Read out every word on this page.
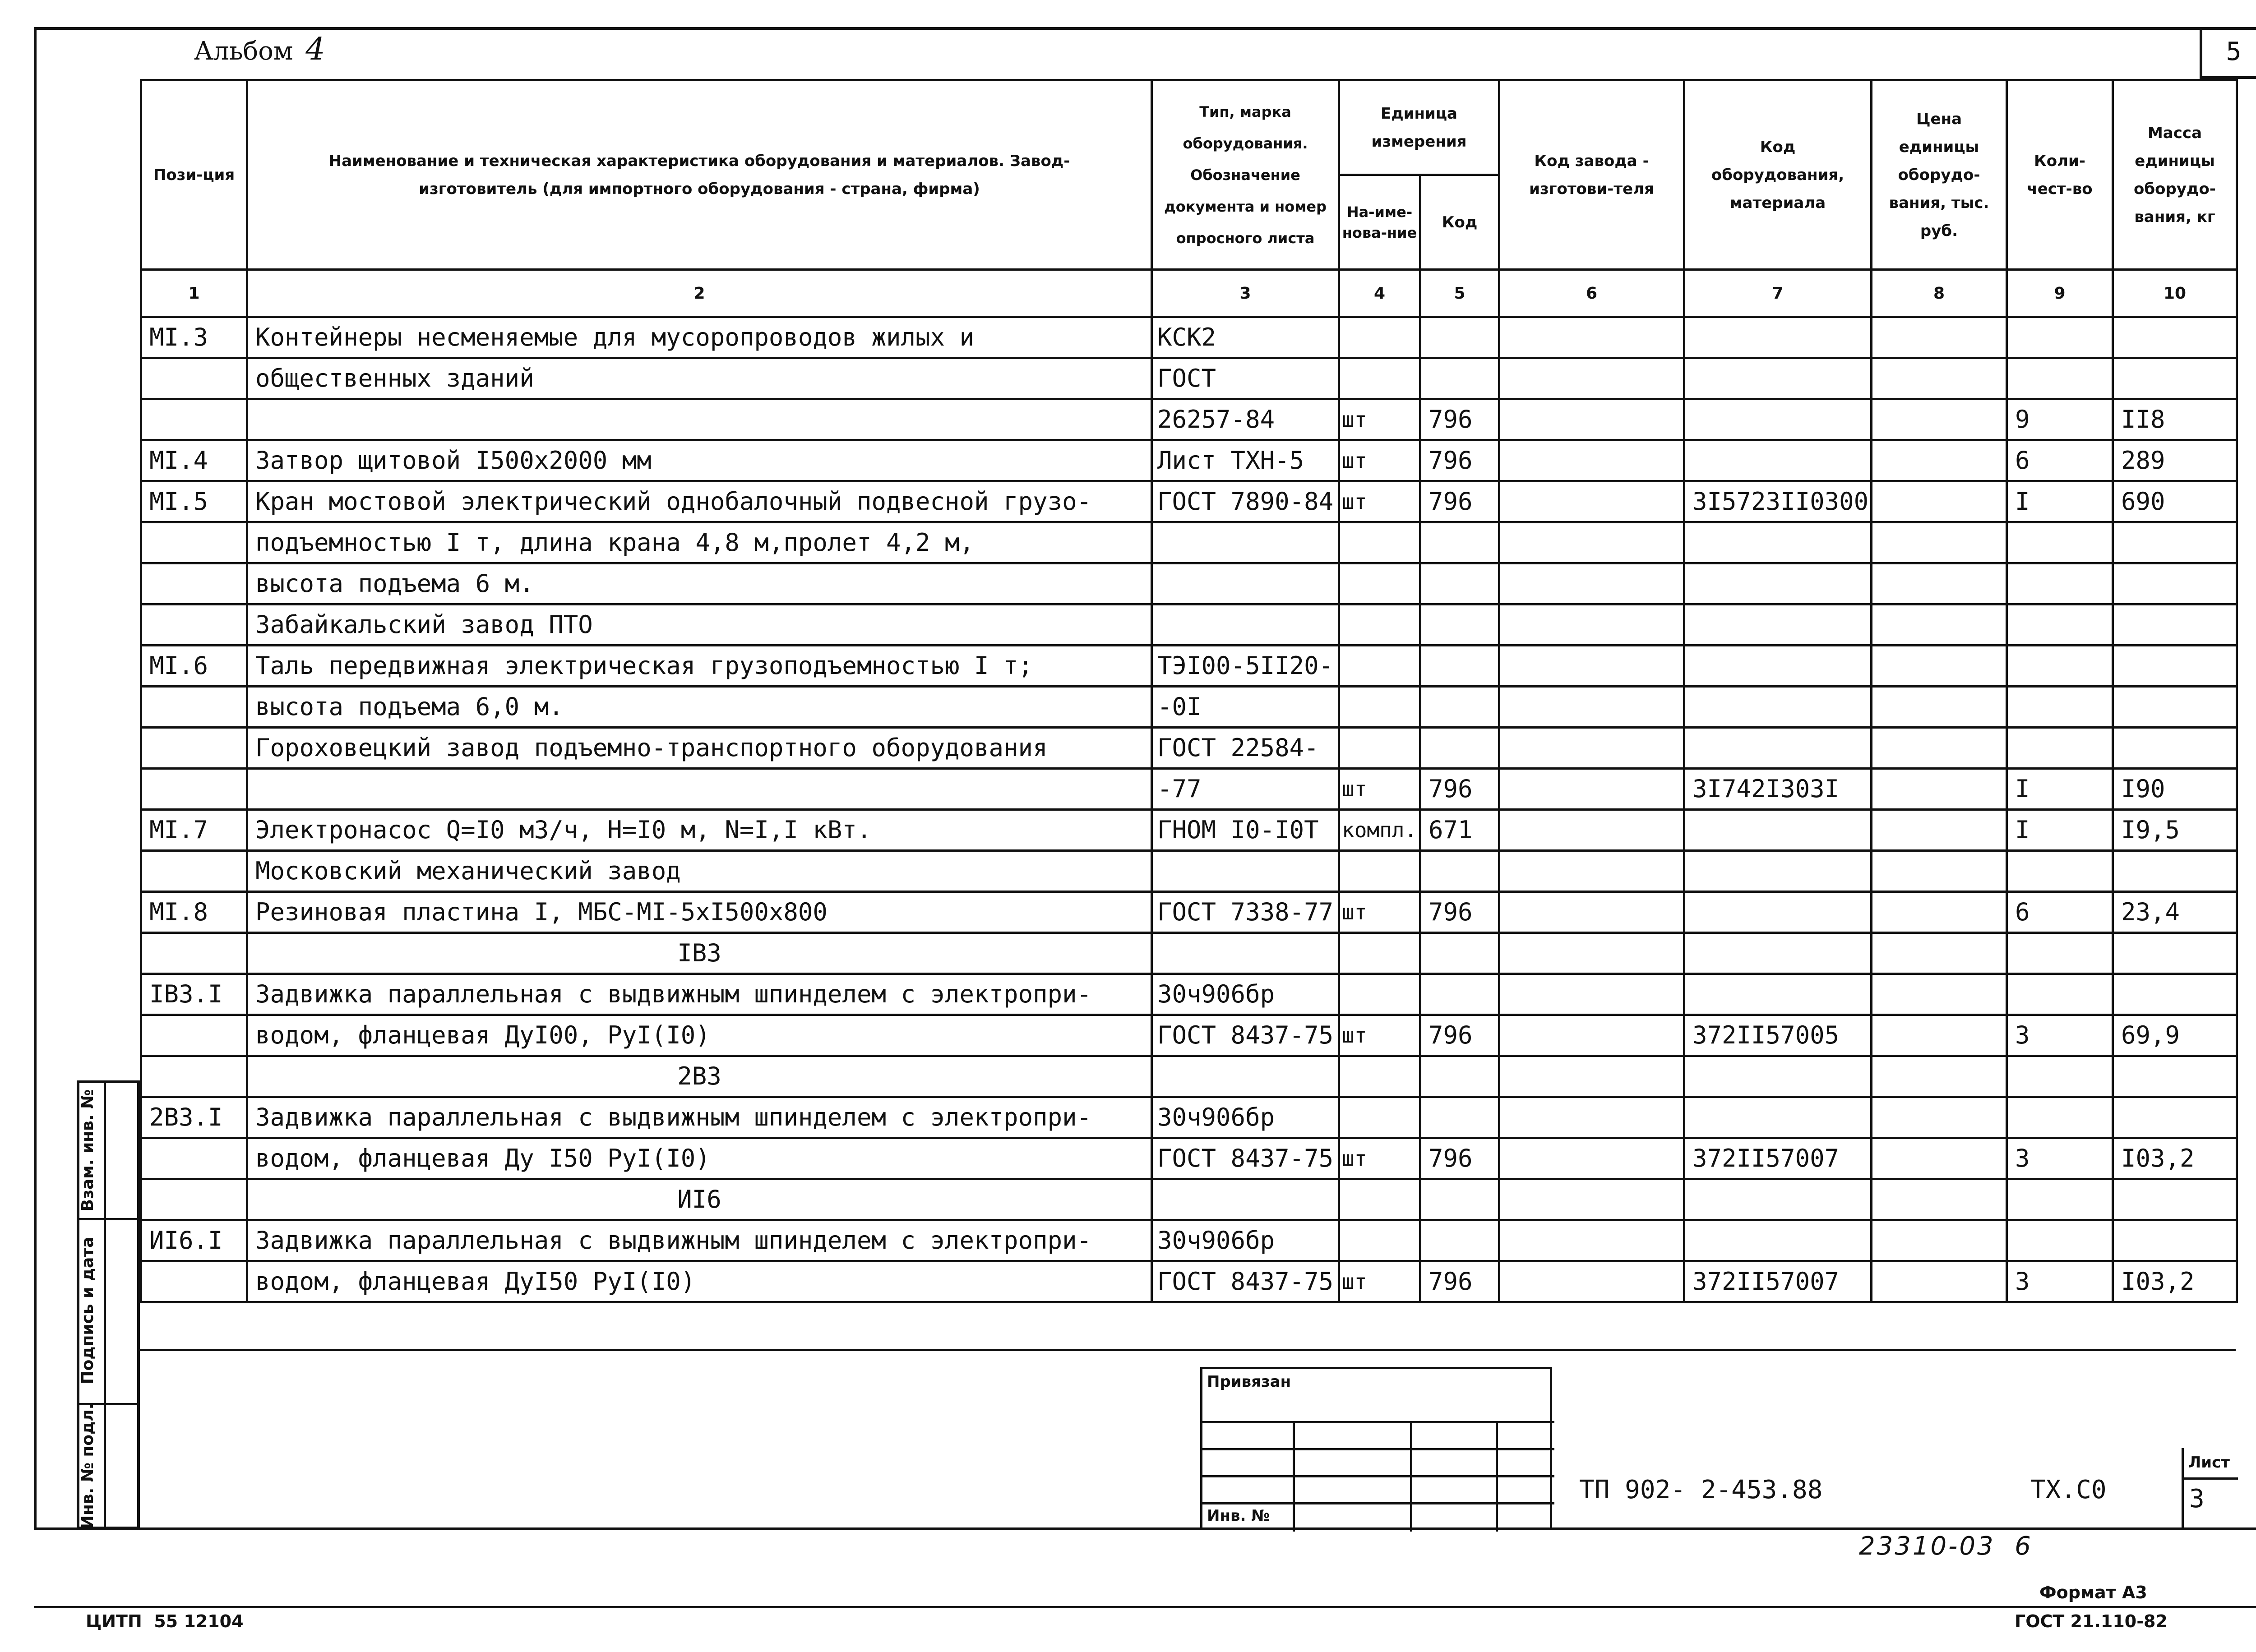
Альбом 4	5
Пози-ция	Наименование и техническая характеристика оборудования и материалов. Завод-изготовитель (для импортного оборудования - страна, фирма)	Тип, марка оборудования. Обозначение документа и номер опросного листа	Единица измерения		Код завода - изготови-теля	Код оборудования, материала	Цена единицы оборудо-вания, тыс. руб.	Коли-чест-во	Масса единицы оборудо-вания, кг
			На-име-нова-ние	Код					
1	2	3	4	5	6	7	8	9	10
MI.3	Контейнеры несменяемые для мусоропроводов жилых и	КСК2							
	общественных зданий	ГОСТ							
		26257-84	шт	796				9	II8
MI.4	Затвор щитовой I500x2000 мм	Лист ТХН-5	шт	796				6	289
MI.5	Кран мостовой электрический однобалочный подвесной грузо-	ГОСТ 7890-84	шт	796		3I5723II0300		I	690
	подъемностью I т, длина крана 4,8 м,пролет 4,2 м,								
	высота подъема 6 м.								
	Забайкальский завод ПТО								
MI.6	Таль передвижная электрическая грузоподъемностью I т;	ТЭI00-5II20-							
	высота подъема 6,0 м.	-0I							
	Гороховецкий завод подъемно-транспортного оборудования	ГОСТ 22584-							
		-77	шт	796		3I742I303I		I	I90
MI.7	Электронасос Q=I0 м3/ч, H=I0 м, N=I,I кВт.	ГНОМ I0-I0Т	компл.	671				I	I9,5
	Московский механический завод								
MI.8	Резиновая пластина I, МБС-МI-5xI500x800	ГОСТ 7338-77	шт	796				6	23,4
	IВЗ								
IВЗ.I	Задвижка параллельная с выдвижным шпинделем с электропри-	30ч906бр							
	водом, фланцевая ДуI00, РуI(I0)	ГОСТ 8437-75	шт	796		372II57005		3	69,9
	2ВЗ								
2ВЗ.I	Задвижка параллельная с выдвижным шпинделем с электропри-	30ч906бр							
	водом, фланцевая Ду I50 РуI(I0)	ГОСТ 8437-75	шт	796		372II57007		3	I03,2
	ИI6								
ИI6.I	Задвижка параллельная с выдвижным шпинделем с электропри-	30ч906бр							
	водом, фланцевая ДуI50 РуI(I0)	ГОСТ 8437-75	шт	796		372II57007		3	I03,2
Взам. инв. №
Подпись и дата
Инв. № подл.
Привязан
Инв. №
ТП 902- 2-453.88	ТХ.С0
Лист
3
23310-03  6
Формат А3
ЦИТП  55 12104	ГОСТ 21.110-82
